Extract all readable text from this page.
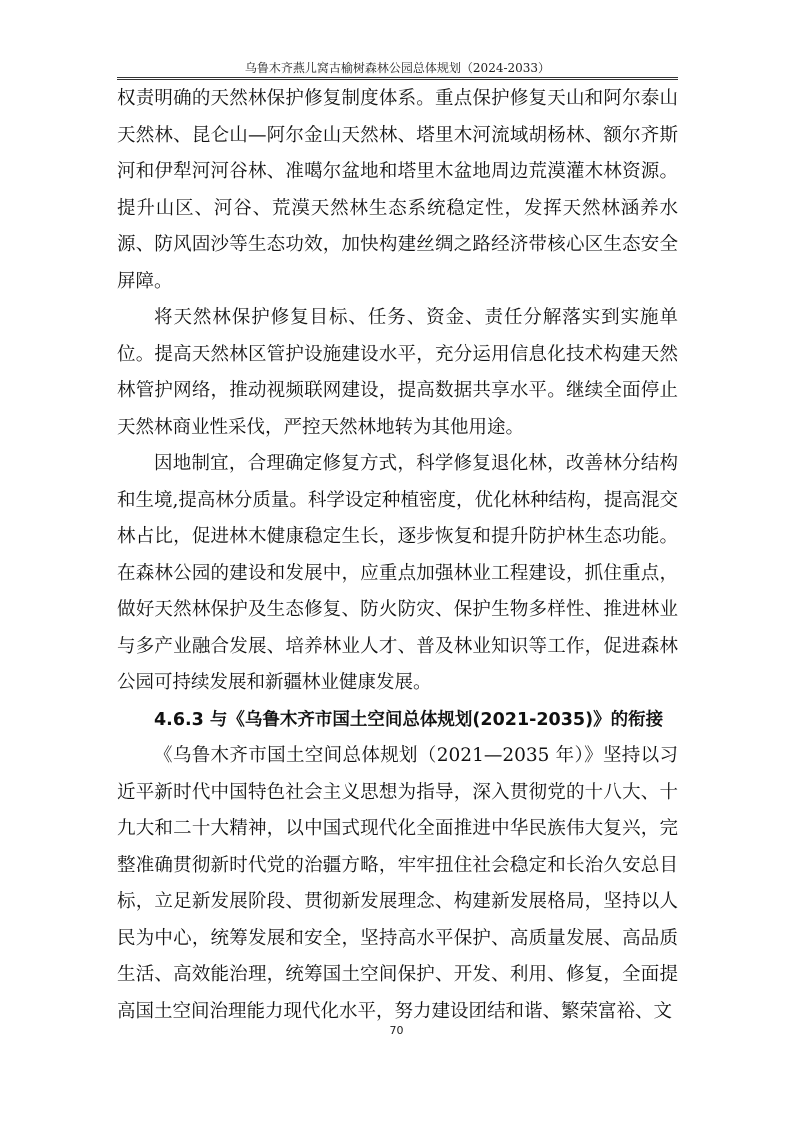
乌鲁木齐燕儿窝古榆树森林公园总体规划（2024-2033）

权责明确的天然林保护修复制度体系。重点保护修复天山和阿尔泰山天然林、昆仑山—阿尔金山天然林、塔里木河流域胡杨林、额尔齐斯河和伊犁河河谷林、准噶尔盆地和塔里木盆地周边荒漠灌木林资源。提升山区、河谷、荒漠天然林生态系统稳定性，发挥天然林涵养水源、防风固沙等生态功效，加快构建丝绸之路经济带核心区生态安全屏障。

将天然林保护修复目标、任务、资金、责任分解落实到实施单位。提高天然林区管护设施建设水平，充分运用信息化技术构建天然林管护网络，推动视频联网建设，提高数据共享水平。继续全面停止天然林商业性采伐，严控天然林地转为其他用途。

因地制宜，合理确定修复方式，科学修复退化林，改善林分结构和生境,提高林分质量。科学设定种植密度，优化林种结构，提高混交林占比，促进林木健康稳定生长，逐步恢复和提升防护林生态功能。在森林公园的建设和发展中，应重点加强林业工程建设，抓住重点，做好天然林保护及生态修复、防火防灾、保护生物多样性、推进林业与多产业融合发展、培养林业人才、普及林业知识等工作，促进森林公园可持续发展和新疆林业健康发展。

4.6.3 与《乌鲁木齐市国土空间总体规划(2021-2035)》的衔接

《乌鲁木齐市国土空间总体规划（2021—2035 年）》坚持以习近平新时代中国特色社会主义思想为指导，深入贯彻党的十八大、十九大和二十大精神，以中国式现代化全面推进中华民族伟大复兴，完整准确贯彻新时代党的治疆方略，牢牢扭住社会稳定和长治久安总目标，立足新发展阶段、贯彻新发展理念、构建新发展格局，坚持以人民为中心，统筹发展和安全，坚持高水平保护、高质量发展、高品质生活、高效能治理，统筹国土空间保护、开发、利用、修复，全面提高国土空间治理能力现代化水平，努力建设团结和谐、繁荣富裕、文

70
